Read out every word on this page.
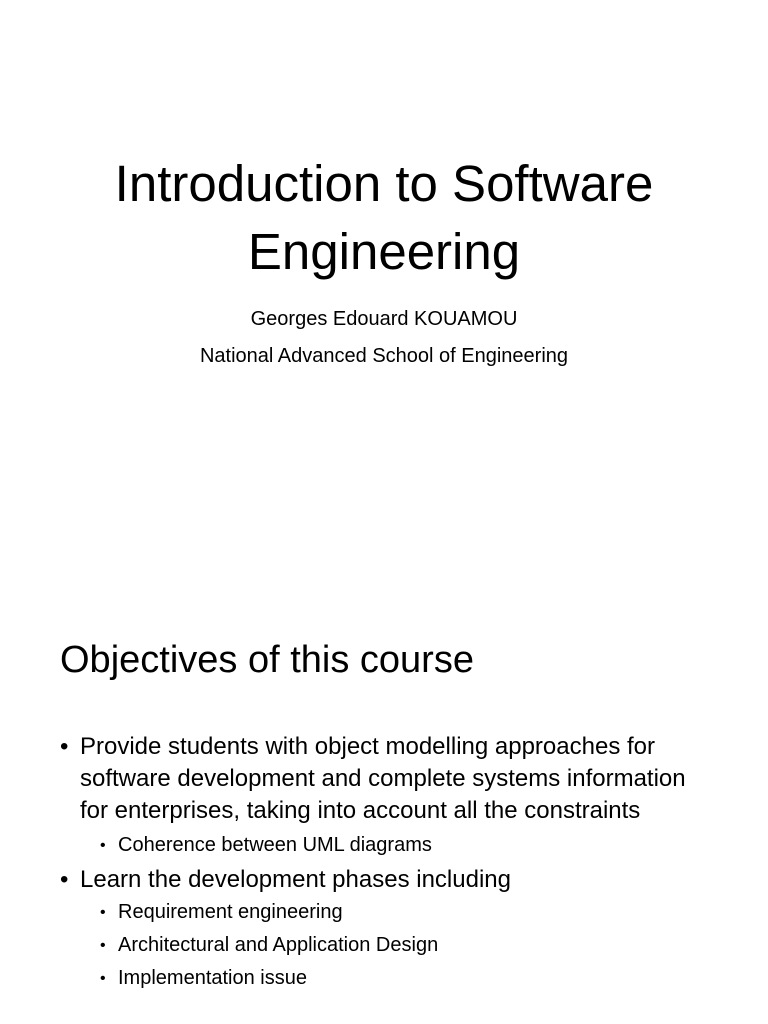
Introduction to Software
Engineering

Georges Edouard KOUAMOU

National Advanced School of Engineering

Objectives of this course
• Provide students with object modelling approaches for software development and complete systems information for enterprises, taking into account all the constraints
• Coherence between UML diagrams
• Learn the development phases including
• Requirement engineering
• Architectural and Application Design
• Implementation issue
